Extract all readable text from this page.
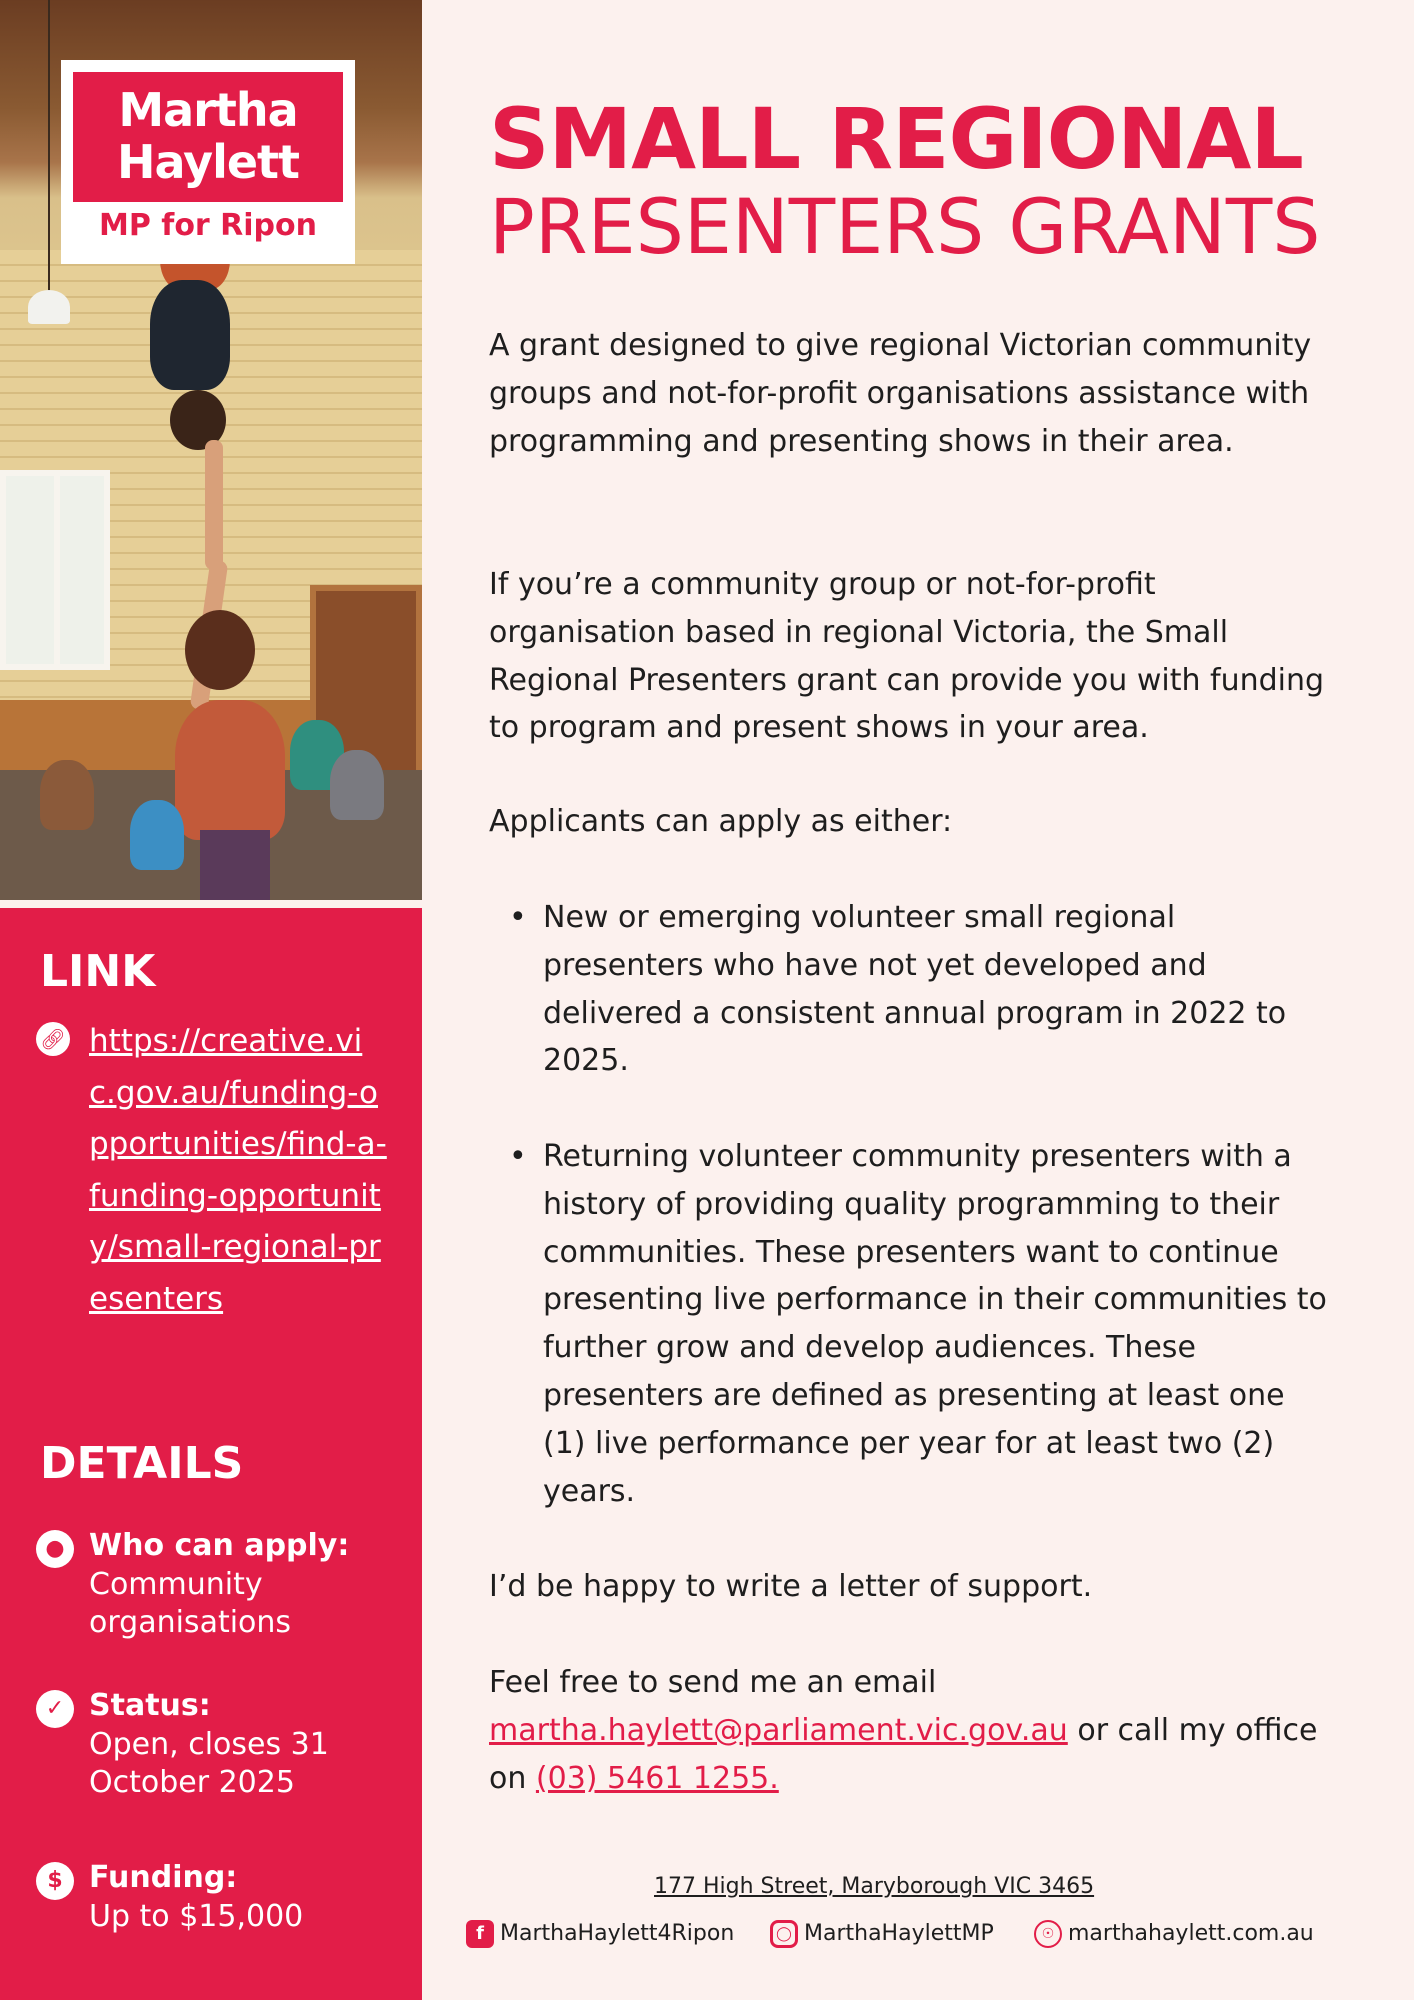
Martha
Haylett
MP for Ripon
LINK
🔗︎ https://creative.vic.gov.au/funding-opportunities/find-a-funding-opportunity/small-regional-presenters
DETAILS
● Who can apply:
Community organisations
✓ Status:
Open, closes 31 October 2025
$ Funding:
Up to $15,000
SMALL REGIONAL
PRESENTERS GRANTS

A grant designed to give regional Victorian community groups and not-for-profit organisations assistance with programming and presenting shows in their area.

If you’re a community group or not-for-profit organisation based in regional Victoria, the Small Regional Presenters grant can provide you with funding to program and present shows in your area.

Applicants can apply as either:

• New or emerging volunteer small regional presenters who have not yet developed and delivered a consistent annual program in 2022 to 2025.

• Returning volunteer community presenters with a history of providing quality programming to their communities. These presenters want to continue presenting live performance in their communities to further grow and develop audiences. These presenters are defined as presenting at least one (1) live performance per year for at least two (2) years.

I’d be happy to write a letter of support.

Feel free to send me an email
martha.haylett@parliament.vic.gov.au or call my office on (03) 5461 1255.

177 High Street, Maryborough VIC 3465
f MarthaHaylett4Ripon	◯ MarthaHaylettMP	☉ marthahaylett.com.au
